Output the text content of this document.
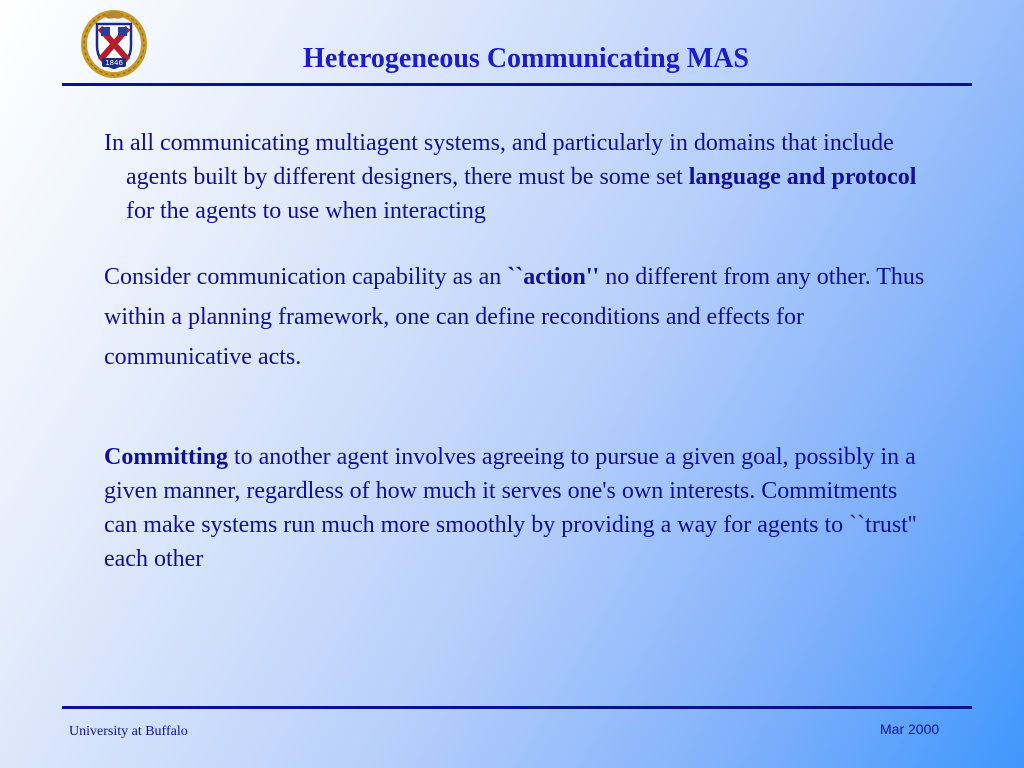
1846	Heterogeneous Communicating MAS

In all communicating multiagent systems, and particularly in domains that include agents built by different designers, there must be some set language and protocol for the agents to use when interacting

Consider communication capability as an ``action'' no different from any other. Thus within a planning framework, one can define reconditions and effects for communicative acts.

Committing to another agent involves agreeing to pursue a given goal, possibly in a given manner, regardless of how much it serves one's own interests. Commitments can make systems run much more smoothly by providing a way for agents to ``trust'' each other

University at Buffalo	Mar 2000
